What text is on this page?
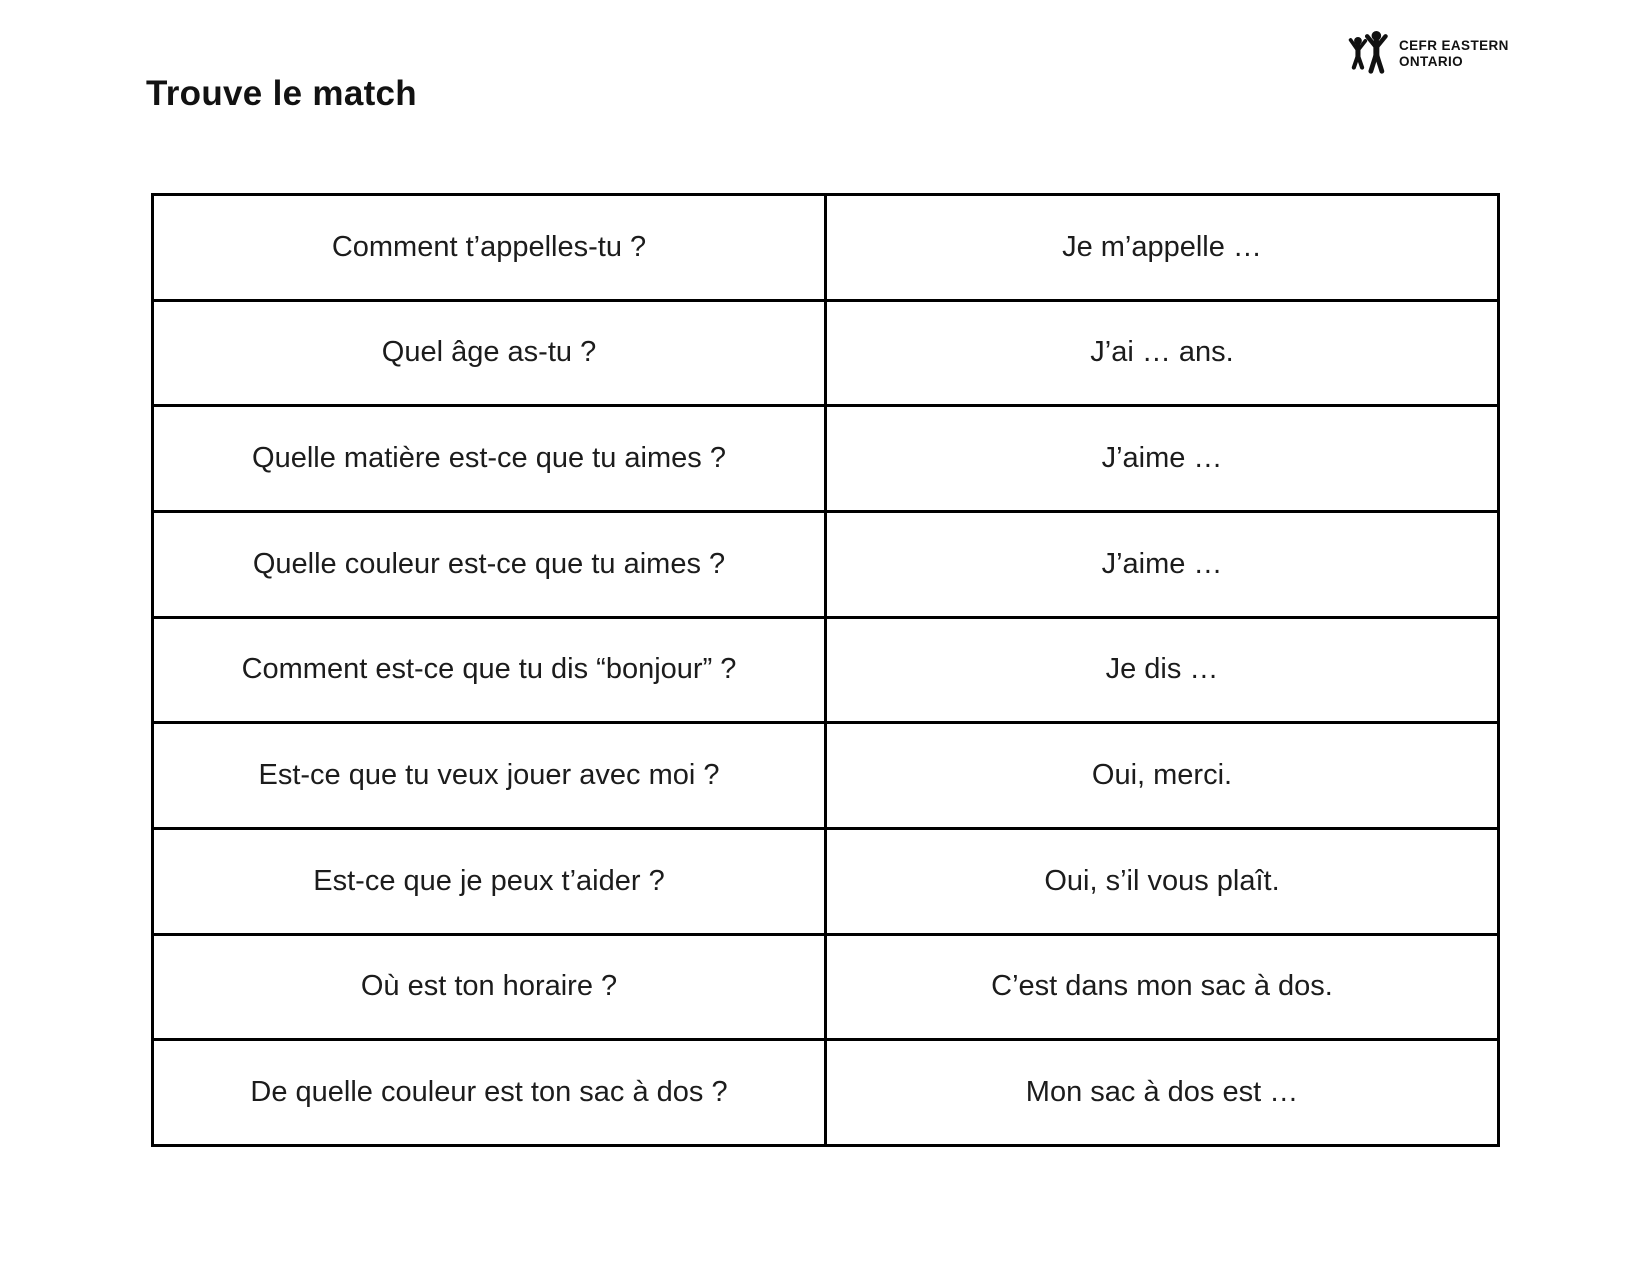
Trouve le match
CEFR EASTERN
ONTARIO
Comment t’appelles-tu ?	Je m’appelle …
Quel âge as-tu ?	J’ai … ans.
Quelle matière est-ce que tu aimes ?	J’aime …
Quelle couleur est-ce que tu aimes ?	J’aime …
Comment est-ce que tu dis “bonjour” ?	Je dis …
Est-ce que tu veux jouer avec moi ?	Oui, merci.
Est-ce que je peux t’aider ?	Oui, s’il vous plaît.
Où est ton horaire ?	C’est dans mon sac à dos.
De quelle couleur est ton sac à dos ?	Mon sac à dos est …
